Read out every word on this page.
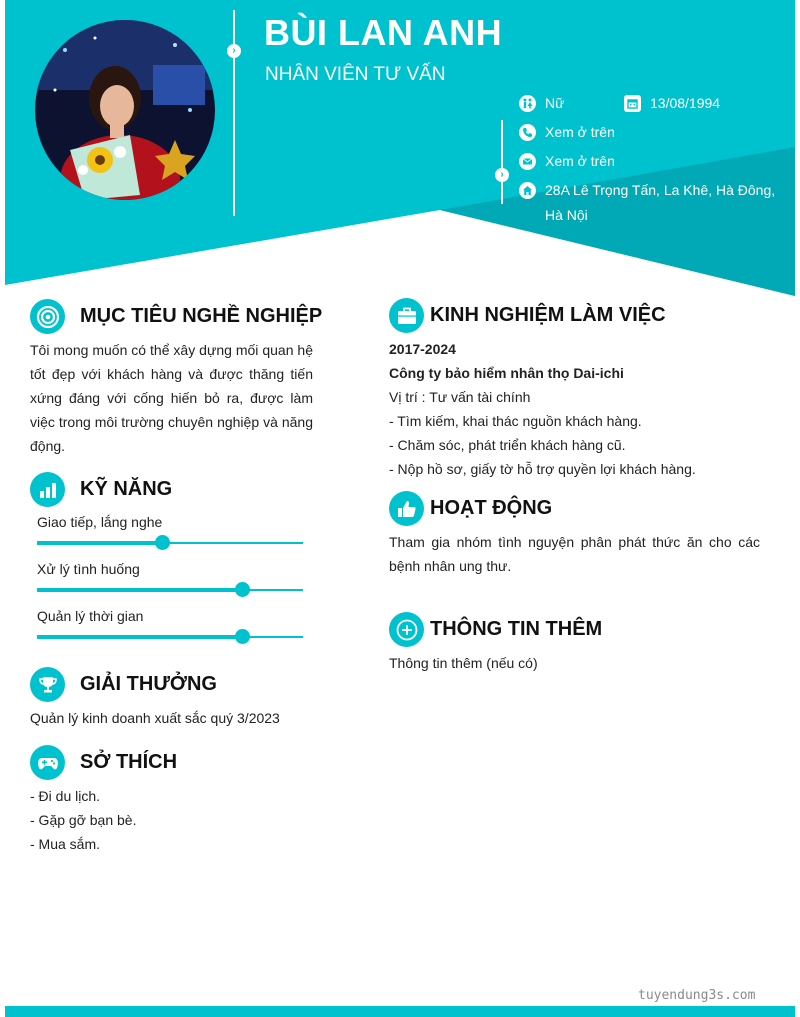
› BÙI LAN ANH
NHÂN VIÊN TƯ VẤN
›
Nữ	13/08/1994
Xem ở trên
Xem ở trên
28A Lê Trọng Tấn, La Khê, Hà Đông,
Hà Nội
MỤC TIÊU NGHỀ NGHIỆP
Tôi mong muốn có thể xây dựng mối quan hệ tốt đẹp với khách hàng và được thăng tiến xứng đáng với cống hiến bỏ ra, được làm việc trong môi trường chuyên nghiệp và năng động.
KỸ NĂNG
Giao tiếp, lắng nghe
Xử lý tình huống
Quản lý thời gian
GIẢI THƯỞNG
Quản lý kinh doanh xuất sắc quý 3/2023
SỞ THÍCH
- Đi du lịch.
- Gặp gỡ bạn bè.
- Mua sắm.
KINH NGHIỆM LÀM VIỆC
2017-2024
Công ty bảo hiểm nhân thọ Dai-ichi
Vị trí : Tư vấn tài chính
- Tìm kiếm, khai thác nguồn khách hàng.
- Chăm sóc, phát triển khách hàng cũ.
- Nộp hồ sơ, giấy tờ hỗ trợ quyền lợi khách hàng.
HOẠT ĐỘNG
Tham gia nhóm tình nguyện phân phát thức ăn cho các bệnh nhân ung thư.
THÔNG TIN THÊM
Thông tin thêm (nếu có)
tuyendung3s.com
